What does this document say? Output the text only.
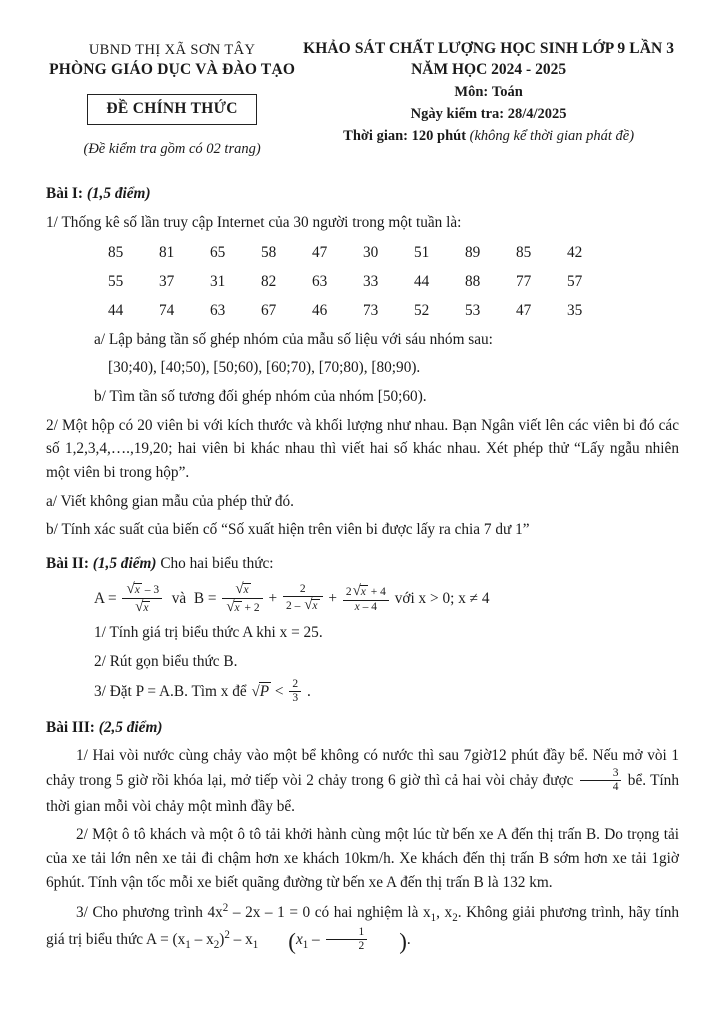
UBND THỊ XÃ SƠN TÂY
PHÒNG GIÁO DỤC VÀ ĐÀO TẠO
ĐỀ CHÍNH THỨC
(Đề kiểm tra gồm có 02 trang)
KHẢO SÁT CHẤT LƯỢNG HỌC SINH LỚP 9 LẦN 3
NĂM HỌC 2024 - 2025
Môn: Toán
Ngày kiểm tra: 28/4/2025
Thời gian: 120 phút (không kể thời gian phát đề)
Bài I: (1,5 điểm)
1/ Thống kê số lần truy cập Internet của 30 người trong một tuần là:
85	81	65	58	47	30	51	89	85	42
55	37	31	82	63	33	44	88	77	57
44	74	63	67	46	73	52	53	47	35
a/ Lập bảng tần số ghép nhóm của mẫu số liệu với sáu nhóm sau:
[30;40), [40;50), [50;60), [60;70), [70;80), [80;90).
b/ Tìm tần số tương đối ghép nhóm của nhóm [50;60).
2/ Một hộp có 20 viên bi với kích thước và khối lượng như nhau. Bạn Ngân viết lên các viên bi đó các số 1,2,3,4,….,19,20; hai viên bi khác nhau thì viết hai số khác nhau. Xét phép thử “Lấy ngẫu nhiên một viên bi trong hộp”.
a/ Viết không gian mẫu của phép thử đó.
b/ Tính xác suất của biến cố “Số xuất hiện trên viên bi được lấy ra chia 7 dư 1”
Bài II: (1,5 điểm) Cho hai biểu thức:
$A = \frac{√x - 3}{√x}$ và  $B = \frac{√x}{√x + 2} + \frac{2}{2 - √x} + \frac{2√x + 4}{x - 4}$ với x > 0; x ≠ 4
1/ Tính giá trị biểu thức A khi x = 25.
2/ Rút gọn biểu thức B.
3/ Đặt P = A.B. Tìm x để $√P < \frac{2}{3}$ .
Bài III: (2,5 điểm)
1/ Hai vòi nước cùng chảy vào một bể không có nước thì sau 7giờ12 phút đầy bể. Nếu mở vòi 1 chảy trong 5 giờ rồi khóa lại, mở tiếp vòi 2 chảy trong 6 giờ thì cả hai vòi chảy được $\frac{3}{4}$ bể. Tính thời gian mỗi vòi chảy một mình đầy bể.
2/ Một ô tô khách và một ô tô tải khởi hành cùng một lúc từ bến xe A đến thị trấn B. Do trọng tải của xe tải lớn nên xe tải đi chậm hơn xe khách 10km/h. Xe khách đến thị trấn B sớm hơn xe tải 1giờ 6phút. Tính vận tốc mỗi xe biết quãng đường từ bến xe A đến thị trấn B là 132 km.
3/ Cho phương trình $4x^2 - 2x - 1 = 0$ có hai nghiệm là $x_1$, $x_2$. Không giải phương trình, hãy tính giá trị biểu thức $A = (x_1 - x_2)^2 - x_1$ ($x_1 - \frac{1}{2}$ ).
